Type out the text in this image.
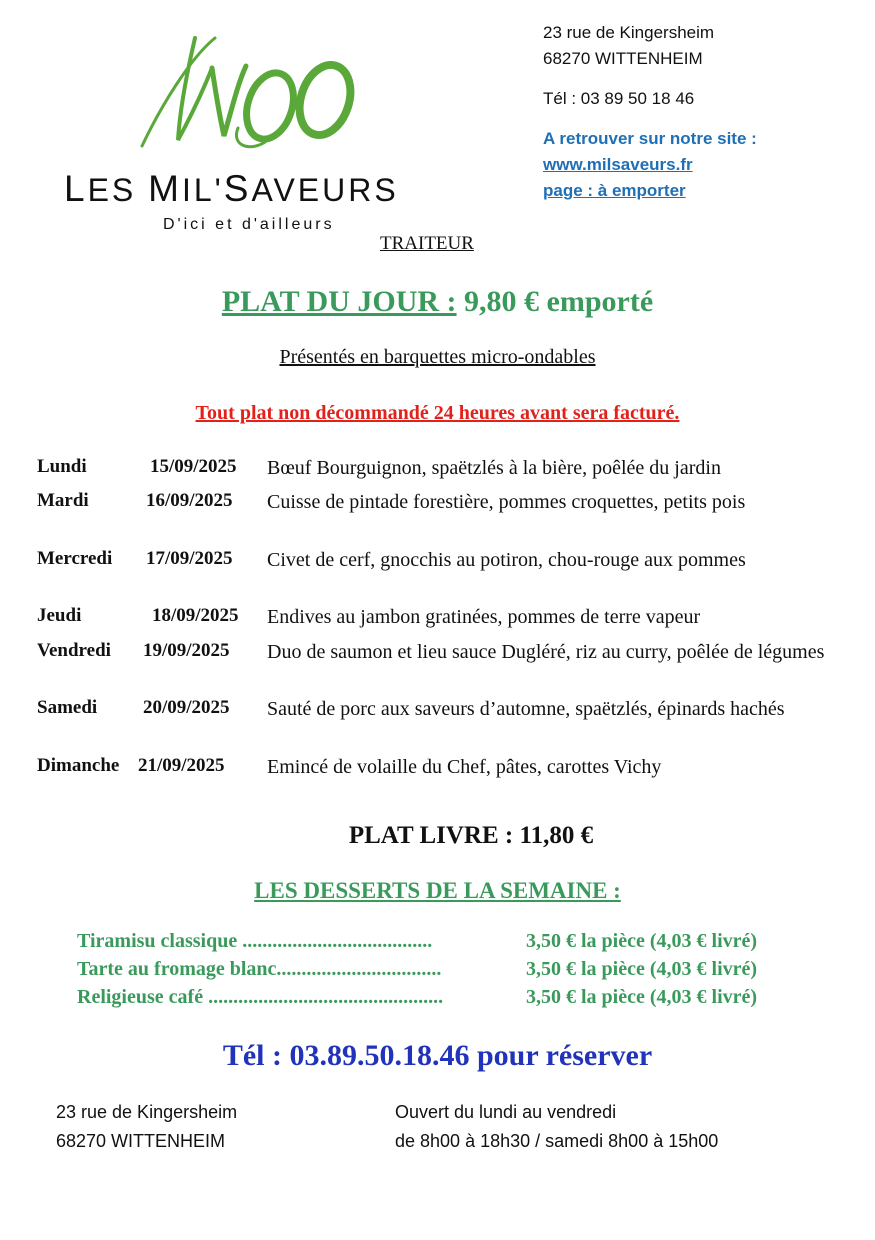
LES MIL'SAVEURS
D'ici et d'ailleurs
TRAITEUR
23 rue de Kingersheim
68270 WITTENHEIM
Tél : 03 89 50 18 46
A retrouver sur notre site :
www.milsaveurs.fr
page : à emporter
PLAT DU JOUR : 9,80 € emporté
Présentés en barquettes micro-ondables
Tout plat non décommandé 24 heures avant sera facturé.
Lundi	15/09/2025 Bœuf Bourguignon, spaëtzlés à la bière, poêlée du jardin
Mardi	16/09/2025 Cuisse de pintade forestière, pommes croquettes, petits pois
Mercredi 17/09/2025 Civet de cerf, gnocchis au potiron, chou-rouge aux pommes
Jeudi	18/09/2025 Endives au jambon gratinées, pommes de terre vapeur
Vendredi 19/09/2025 Duo de saumon et lieu sauce Dugléré, riz au curry, poêlée de légumes
Samedi 20/09/2025 Sauté de porc aux saveurs d’automne, spaëtzlés, épinards hachés
Dimanche 21/09/2025 Emincé de volaille du Chef, pâtes, carottes Vichy
PLAT LIVRE : 11,80 €
LES DESSERTS DE LA SEMAINE :
Tiramisu classique ......................................	3,50 € la pièce (4,03 € livré)
Tarte au fromage blanc.................................	3,50 € la pièce (4,03 € livré)
Religieuse café ...............................................	3,50 € la pièce (4,03 € livré)
Tél : 03.89.50.18.46 pour réserver
23 rue de Kingersheim
68270 WITTENHEIM
Ouvert du lundi au vendredi
de 8h00 à 18h30 / samedi 8h00 à 15h00
